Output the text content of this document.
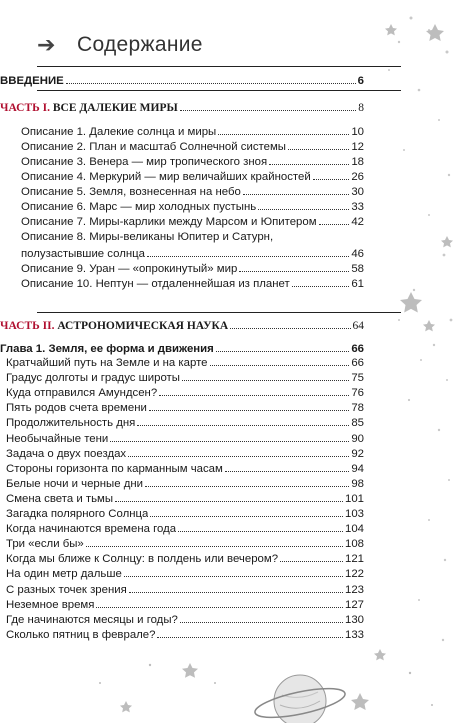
➔	Содержание
ВВЕДЕНИЕ	6
ЧАСТЬ I. ВСЕ ДАЛЕКИЕ МИРЫ	8
Описание 1. Далекие солнца и миры	10
Описание 2. План и масштаб Солнечной системы	12
Описание 3. Венера — мир тропического зноя	18
Описание 4. Меркурий — мир величайших крайностей	26
Описание 5. Земля, вознесенная на небо	30
Описание 6. Марс — мир холодных пустынь	33
Описание 7. Миры-карлики между Марсом и Юпитером	42
Описание 8. Миры-великаны Юпитер и Сатурн,
полузастывшие солнца	46
Описание 9. Уран — «опрокинутый» мир	58
Описание 10. Нептун — отдаленнейшая из планет	61
ЧАСТЬ II. АСТРОНОМИЧЕСКАЯ НАУКА	64
Глава 1. Земля, ее форма и движения	66
Кратчайший путь на Земле и на карте	66
Градус долготы и градус широты	75
Куда отправился Амундсен?	76
Пять родов счета времени	78
Продолжительность дня	85
Необычайные тени	90
Задача о двух поездах	92
Стороны горизонта по карманным часам	94
Белые ночи и черные дни	98
Смена света и тьмы	101
Загадка полярного Солнца	103
Когда начинаются времена года	104
Три «если бы»	108
Когда мы ближе к Солнцу: в полдень или вечером?	121
На один метр дальше	122
С разных точек зрения	123
Неземное время	127
Где начинаются месяцы и годы?	130
Сколько пятниц в феврале?	133
